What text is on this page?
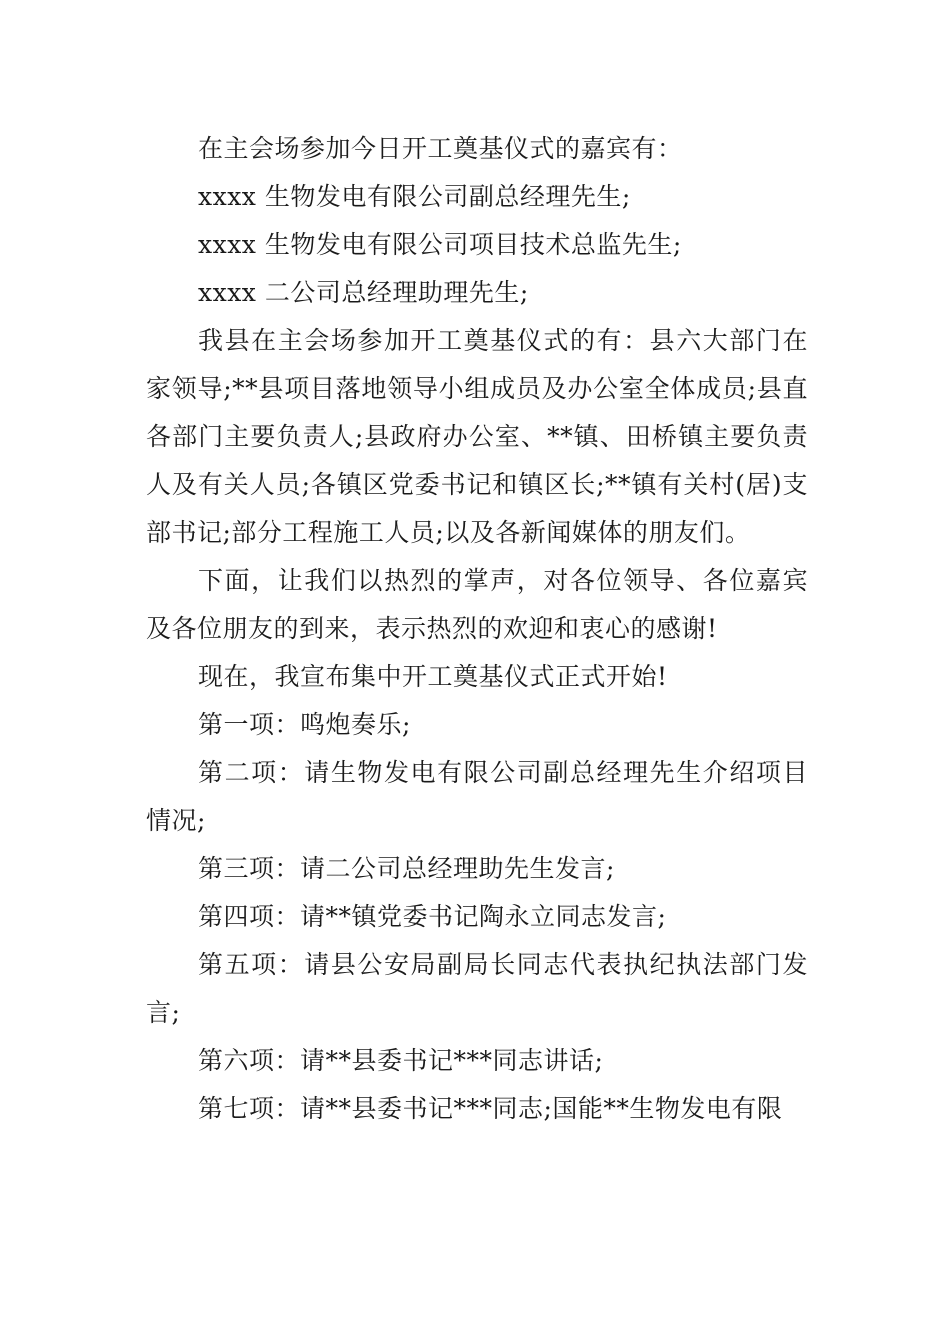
在主会场参加今日开工奠基仪式的嘉宾有：

xxxx 生物发电有限公司副总经理先生;

xxxx 生物发电有限公司项目技术总监先生;

xxxx 二公司总经理助理先生;

我县在主会场参加开工奠基仪式的有：县六大部门在家领导;**县项目落地领导小组成员及办公室全体成员;县直各部门主要负责人;县政府办公室、**镇、田桥镇主要负责人及有关人员;各镇区党委书记和镇区长;**镇有关村(居)支部书记;部分工程施工人员;以及各新闻媒体的朋友们。

下面，让我们以热烈的掌声，对各位领导、各位嘉宾及各位朋友的到来，表示热烈的欢迎和衷心的感谢!

现在，我宣布集中开工奠基仪式正式开始!

第一项：鸣炮奏乐;

第二项：请生物发电有限公司副总经理先生介绍项目情况;

第三项：请二公司总经理助先生发言;

第四项：请**镇党委书记陶永立同志发言;

第五项：请县公安局副局长同志代表执纪执法部门发言;

第六项：请**县委书记***同志讲话;

第七项：请**县委书记***同志;国能**生物发电有限
